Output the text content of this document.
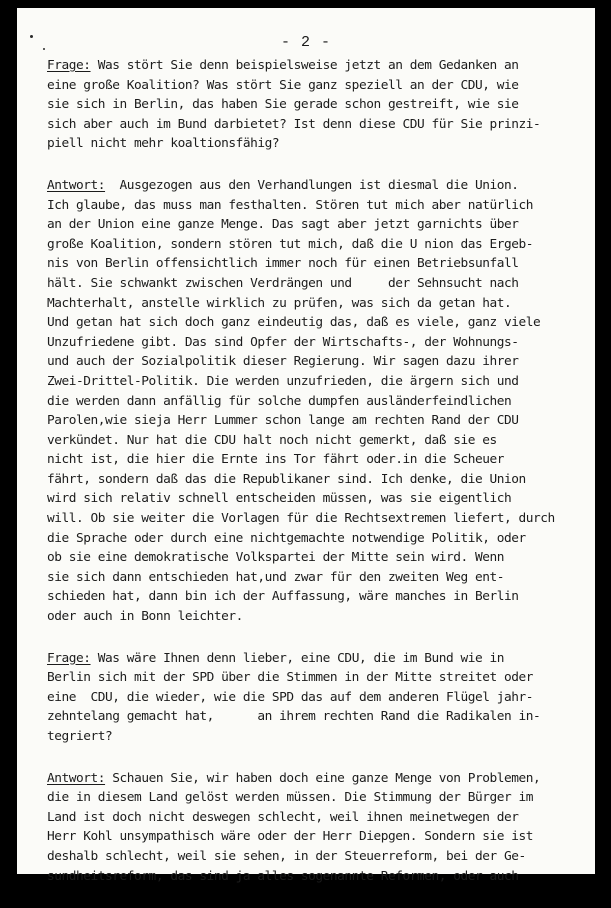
- 2 -
Frage: Was stört Sie denn beispielsweise jetzt an dem Gedanken an
eine große Koalition? Was stört Sie ganz speziell an der CDU, wie
sie sich in Berlin, das haben Sie gerade schon gestreift, wie sie
sich aber auch im Bund darbietet? Ist denn diese CDU für Sie prinzi-
piell nicht mehr koaltionsfähig?
Antwort:  Ausgezogen aus den Verhandlungen ist diesmal die Union.
Ich glaube, das muss man festhalten. Stören tut mich aber natürlich
an der Union eine ganze Menge. Das sagt aber jetzt garnichts über
große Koalition, sondern stören tut mich, daß die U nion das Ergeb-
nis von Berlin offensichtlich immer noch für einen Betriebsunfall
hält. Sie schwankt zwischen Verdrängen und     der Sehnsucht nach
Machterhalt, anstelle wirklich zu prüfen, was sich da getan hat.
Und getan hat sich doch ganz eindeutig das, daß es viele, ganz viele
Unzufriedene gibt. Das sind Opfer der Wirtschafts-, der Wohnungs-
und auch der Sozialpolitik dieser Regierung. Wir sagen dazu ihrer
Zwei-Drittel-Politik. Die werden unzufrieden, die ärgern sich und
die werden dann anfällig für solche dumpfen ausländerfeindlichen
Parolen,wie sieja Herr Lummer schon lange am rechten Rand der CDU
verkündet. Nur hat die CDU halt noch nicht gemerkt, daß sie es
nicht ist, die hier die Ernte ins Tor fährt oder.in die Scheuer
fährt, sondern daß das die Republikaner sind. Ich denke, die Union
wird sich relativ schnell entscheiden müssen, was sie eigentlich
will. Ob sie weiter die Vorlagen für die Rechtsextremen liefert, durch
die Sprache oder durch eine nichtgemachte notwendige Politik, oder
ob sie eine demokratische Volkspartei der Mitte sein wird. Wenn
sie sich dann entschieden hat,und zwar für den zweiten Weg ent-
schieden hat, dann bin ich der Auffassung, wäre manches in Berlin
oder auch in Bonn leichter.
Frage: Was wäre Ihnen denn lieber, eine CDU, die im Bund wie in
Berlin sich mit der SPD über die Stimmen in der Mitte streitet oder
eine  CDU, die wieder, wie die SPD das auf dem anderen Flügel jahr-
zehntelang gemacht hat,      an ihrem rechten Rand die Radikalen in-
tegriert?
Antwort: Schauen Sie, wir haben doch eine ganze Menge von Problemen,
die in diesem Land gelöst werden müssen. Die Stimmung der Bürger im
Land ist doch nicht deswegen schlecht, weil ihnen meinetwegen der
Herr Kohl unsympathisch wäre oder der Herr Diepgen. Sondern sie ist
deshalb schlecht, weil sie sehen, in der Steuerreform, bei der Ge-
sundheitsreform, das sind ja alles sogenannte Reformen, oder auch
